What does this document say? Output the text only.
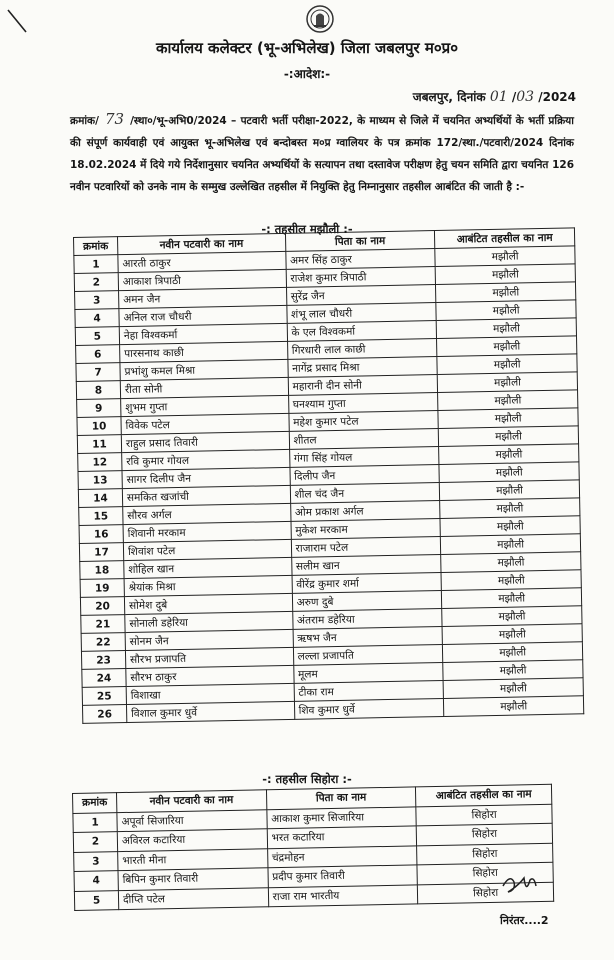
कार्यालय कलेक्टर (भू-अभिलेख) जिला जबलपुर म०प्र०
-:आदेश:-
जबलपुर, दिनांक 01 /03 /2024
क्रमांक/ 73 /स्था०/भू-अभि0/2024 – पटवारी भर्ती परीक्षा-2022, के माध्यम से जिले में चयनित अभ्यर्थियों के भर्ती प्रक्रिया की संपूर्ण कार्यवाही एवं आयुक्त भू-अभिलेख एवं बन्दोबस्त म०प्र ग्वालियर के पत्र क्रमांक 172/स्था./पटवारी/2024 दिनांक 18.02.2024 में दिये गये निर्देशानुसार चयनित अभ्यर्थियों के सत्यापन तथा दस्तावेज परीक्षण हेतु चयन समिति द्वारा चयनित 126 नवीन पटवारियों को उनके नाम के सम्मुख उल्लेखित तहसील में नियुक्ति हेतु निम्नानुसार तहसील आबंटित की जाती है :-
-: तहसील मझौली :-
क्रमांक	नवीन पटवारी का नाम	पिता का नाम	आबंटित तहसील का नाम
1	आरती ठाकुर	अमर सिंह ठाकुर	मझौली
2	आकाश त्रिपाठी	राजेश कुमार त्रिपाठी	मझौली
3	अमन जैन	सुरेंद्र जैन	मझौली
4	अनिल राज चौधरी	शंभू लाल चौधरी	मझौली
5	नेहा विश्वकर्मा	के एल विश्वकर्मा	मझौली
6	पारसनाथ काछी	गिरधारी लाल काछी	मझौली
7	प्रभांशु कमल मिश्रा	नागेंद्र प्रसाद मिश्रा	मझौली
8	रीता सोनी	महारानी दीन सोनी	मझौली
9	शुभम गुप्ता	घनश्याम गुप्ता	मझौली
10	विवेक पटेल	महेश कुमार पटेल	मझौली
11	राहुल प्रसाद तिवारी	शीतल	मझौली
12	रवि कुमार गोयल	गंगा सिंह गोयल	मझौली
13	सागर दिलीप जैन	दिलीप जैन	मझौली
14	समकित खजांची	शील चंद जैन	मझौली
15	सौरव अर्गल	ओम प्रकाश अर्गल	मझौली
16	शिवानी मरकाम	मुकेश मरकाम	मझौली
17	शिवांश पटेल	राजाराम पटेल	मझौली
18	शोहिल खान	सलीम खान	मझौली
19	श्रेयांक मिश्रा	वीरेंद्र कुमार शर्मा	मझौली
20	सोमेश दुबे	अरुण दुबे	मझौली
21	सोनाली डहेरिया	अंतराम डहेरिया	मझौली
22	सोनम जैन	ऋषभ जैन	मझौली
23	सौरभ प्रजापति	लल्ला प्रजापति	मझौली
24	सौरभ ठाकुर	मूलम	मझौली
25	विशाखा	टीका राम	मझौली
26	विशाल कुमार धुर्वे	शिव कुमार धुर्वे	मझौली
-: तहसील सिहोरा :-
क्रमांक	नवीन पटवारी का नाम	पिता का नाम	आबंटित तहसील का नाम
1	अपूर्वा सिजारिया	आकाश कुमार सिजारिया	सिहोरा
2	अविरल कटारिया	भरत कटारिया	सिहोरा
3	भारती मीना	चंद्रमोहन	सिहोरा
4	बिपिन कुमार तिवारी	प्रदीप कुमार तिवारी	सिहोरा
5	दीप्ति पटेल	राजा राम भारतीय	सिहोरा
निरंतर....2
